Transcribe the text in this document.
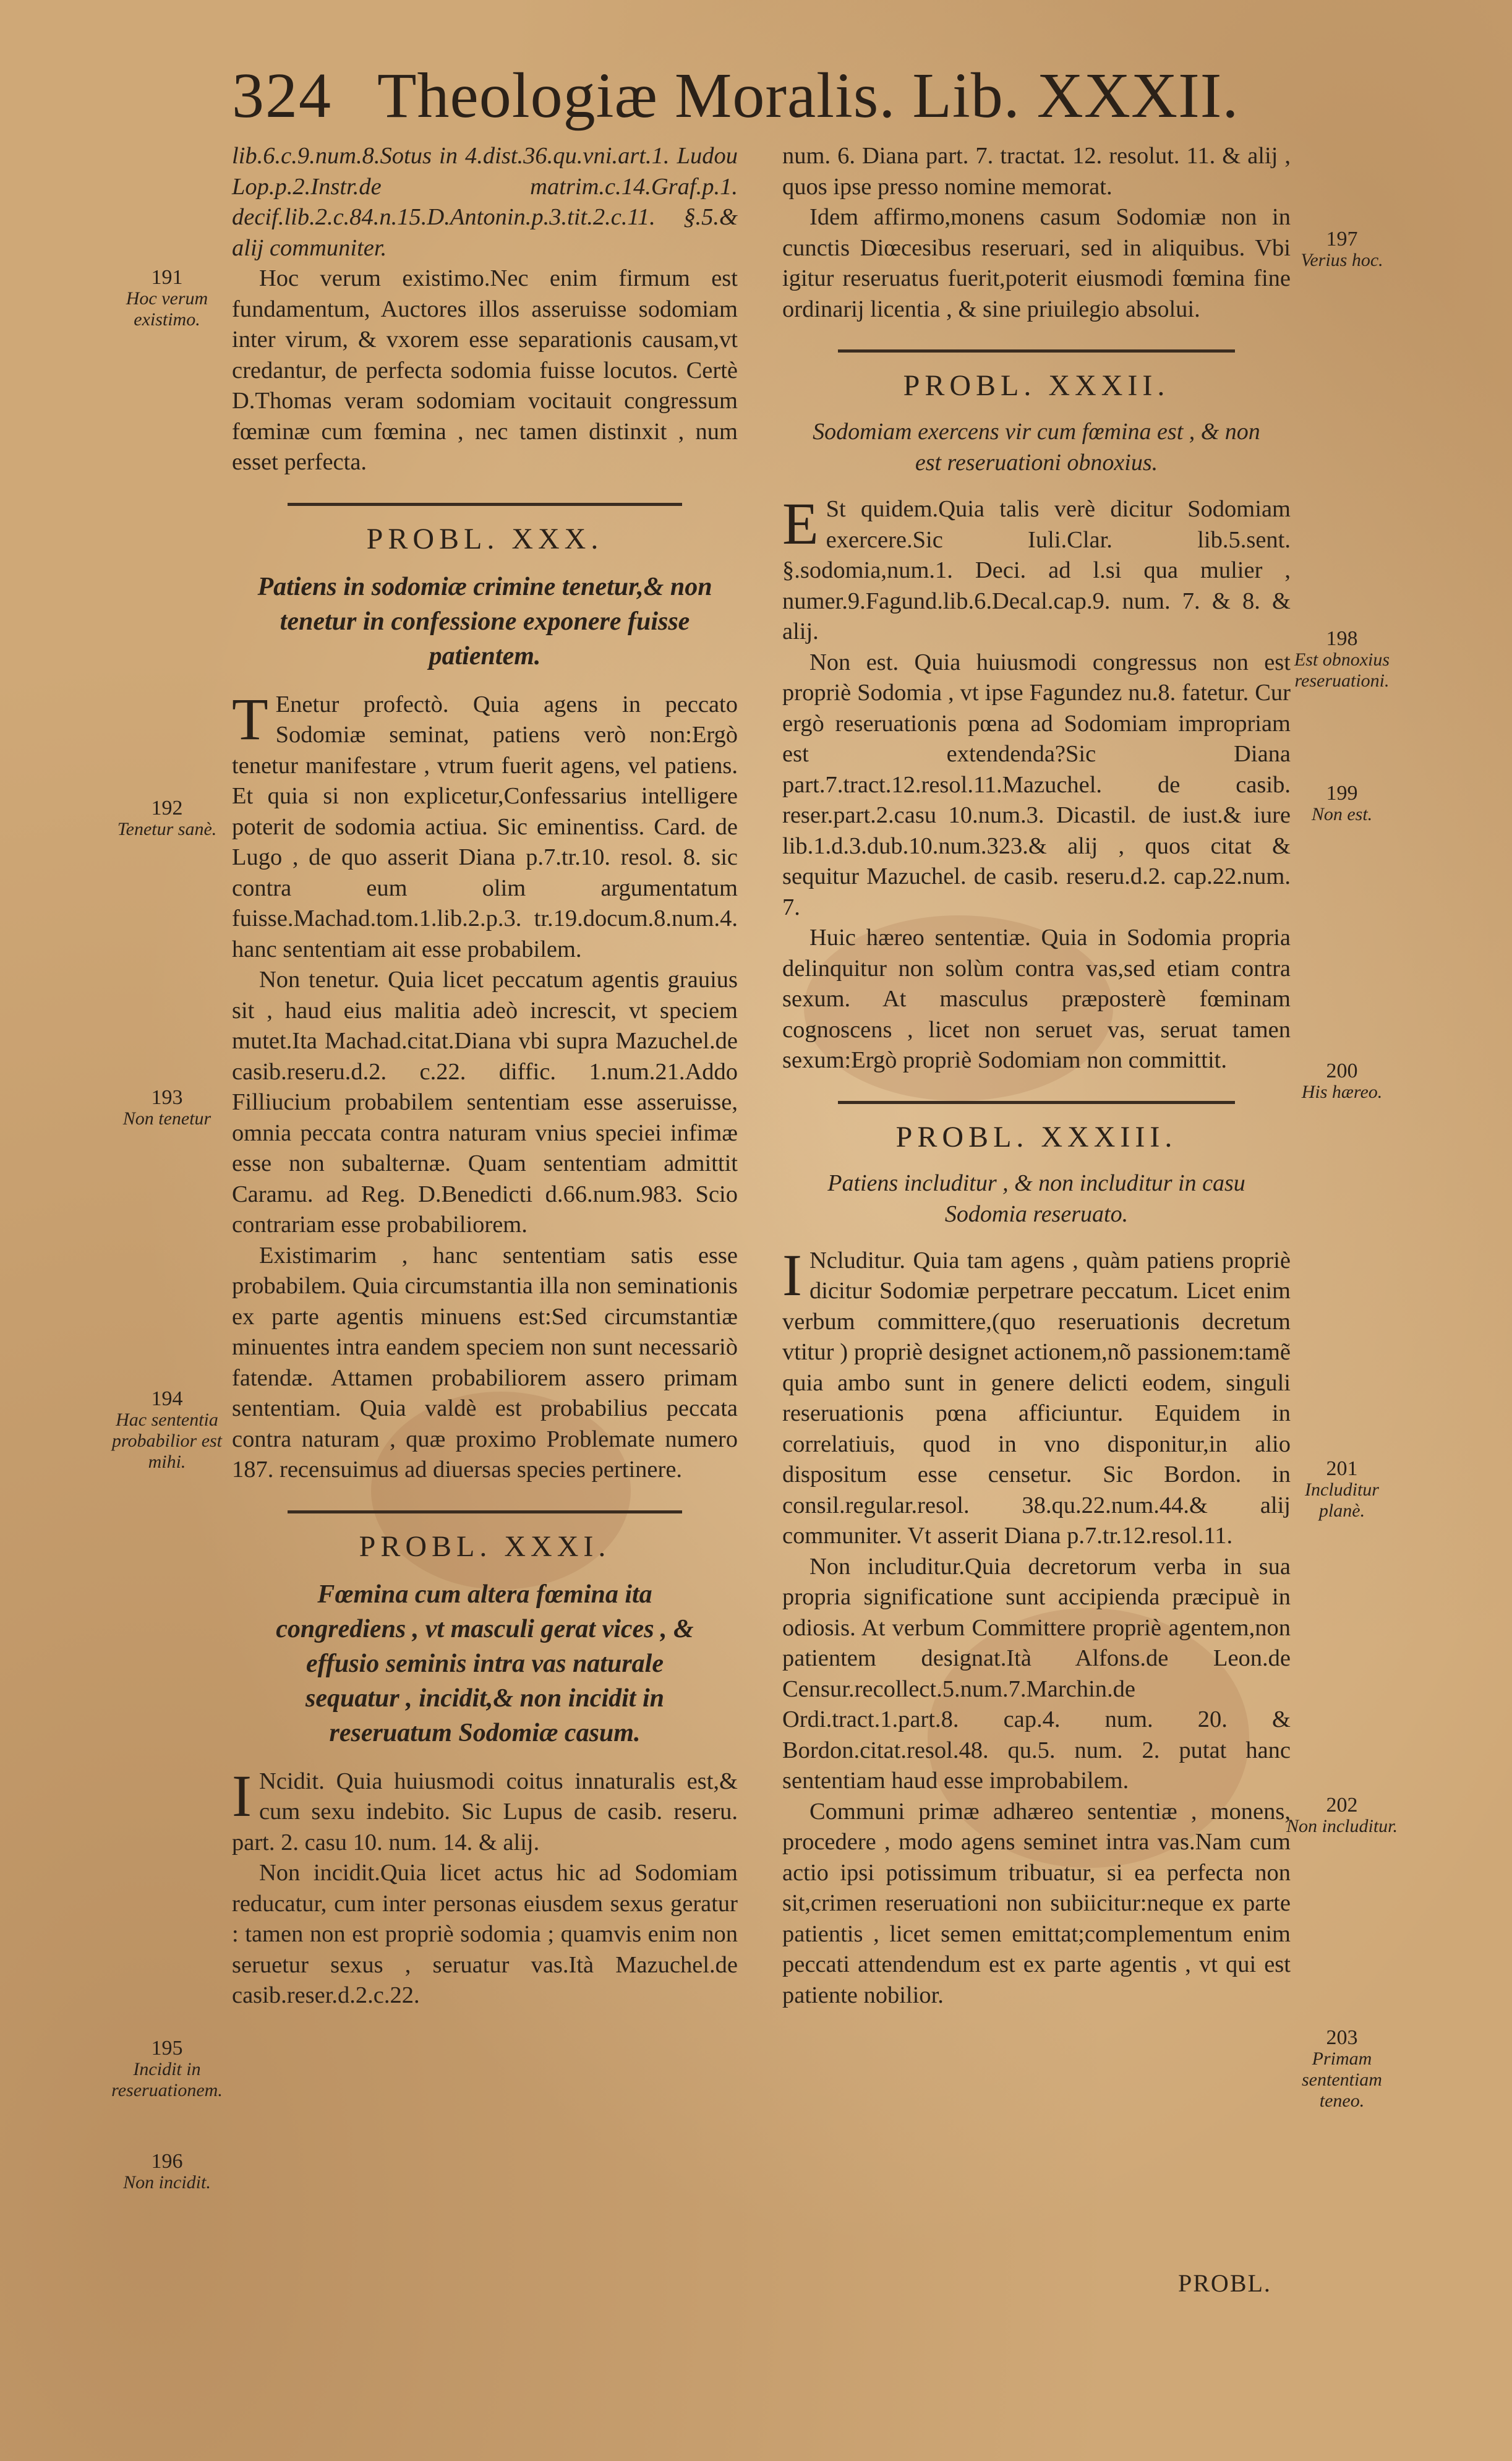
324 Theologiæ Moralis. Lib. XXXII.

lib.6.c.9.num.8.Sotus in 4.dist.36.qu.vni.art.1. Ludou Lop.p.2.Instr.de matrim.c.14.Graf.p.1. decif.lib.2.c.84.n.15.D.Antonin.p.3.tit.2.c.11. §.5.& alij communiter.

Hoc verum existimo.Nec enim firmum est fundamentum, Auctores illos asseruisse sodomiam inter virum, & vxorem esse separationis causam,vt credantur, de perfecta sodomia fuisse locutos. Certè D.Thomas veram sodomiam vocitauit congressum fœminæ cum fœmina , nec tamen distinxit , num esset perfecta.

PROBL. XXX.
Patiens in sodomiæ crimine tenetur,& non tenetur in confessione exponere fuisse patientem.

T Enetur profectò. Quia agens in peccato Sodomiæ seminat, patiens verò non:Ergò tenetur manifestare , vtrum fuerit agens, vel patiens. Et quia si non explicetur,Confessarius intelligere poterit de sodomia actiua. Sic eminentiss. Card. de Lugo , de quo asserit Diana p.7.tr.10. resol. 8. sic contra eum olim argumentatum fuisse.Machad.tom.1.lib.2.p.3. tr.19.docum.8.num.4. hanc sententiam ait esse probabilem.

Non tenetur. Quia licet peccatum agentis grauius sit , haud eius malitia adeò increscit, vt speciem mutet.Ita Machad.citat.Diana vbi supra Mazuchel.de casib.reseru.d.2. c.22. diffic. 1.num.21.Addo Filliucium probabilem sententiam esse asseruisse, omnia peccata contra naturam vnius speciei infimæ esse non subalternæ. Quam sententiam admittit Caramu. ad Reg. D.Benedicti d.66.num.983. Scio contrariam esse probabiliorem.

Existimarim , hanc sententiam satis esse probabilem. Quia circumstantia illa non seminationis ex parte agentis minuens est:Sed circumstantiæ minuentes intra eandem speciem non sunt necessariò fatendæ. Attamen probabiliorem assero primam sententiam. Quia valdè est probabilius peccata contra naturam , quæ proximo Problemate numero 187. recensuimus ad diuersas species pertinere.

PROBL. XXXI.
Fœmina cum altera fœmina ita congrediens , vt masculi gerat vices , & effusio seminis intra vas naturale sequatur , incidit,& non incidit in reseruatum Sodomiæ casum.

I Ncidit. Quia huiusmodi coitus innaturalis est,& cum sexu indebito. Sic Lupus de casib. reseru. part. 2. casu 10. num. 14. & alij.

Non incidit.Quia licet actus hic ad Sodomiam reducatur, cum inter personas eiusdem sexus geratur : tamen non est propriè sodomia ; quamvis enim non seruetur sexus , seruatur vas.Ità Mazuchel.de casib.reser.d.2.c.22.

num. 6. Diana part. 7. tractat. 12. resolut. 11. & alij , quos ipse presso nomine memorat.

Idem affirmo,monens casum Sodomiæ non in cunctis Diœcesibus reseruari, sed in aliquibus. Vbi igitur reseruatus fuerit,poterit eiusmodi fœmina fine ordinarij licentia , & sine priuilegio absolui.

PROBL. XXXII.
Sodomiam exercens vir cum fœmina est , & non est reseruationi obnoxius.

E St quidem.Quia talis verè dicitur Sodomiam exercere.Sic Iuli.Clar. lib.5.sent. §.sodomia,num.1. Deci. ad l.si qua mulier , numer.9.Fagund.lib.6.Decal.cap.9. num. 7. & 8. & alij.

Non est. Quia huiusmodi congressus non est propriè Sodomia , vt ipse Fagundez nu.8. fatetur. Cur ergò reseruationis pœna ad Sodomiam impropriam est extendenda?Sic Diana part.7.tract.12.resol.11.Mazuchel. de casib. reser.part.2.casu 10.num.3. Dicastil. de iust.& iure lib.1.d.3.dub.10.num.323.& alij , quos citat & sequitur Mazuchel. de casib. reseru.d.2. cap.22.num. 7.

Huic hæreo sententiæ. Quia in Sodomia propria delinquitur non solùm contra vas,sed etiam contra sexum. At masculus præposterè fœminam cognoscens , licet non seruet vas, seruat tamen sexum:Ergò propriè Sodomiam non committit.

PROBL. XXXIII.
Patiens includitur , & non includitur in casu Sodomia reseruato.

I Ncluditur. Quia tam agens , quàm patiens propriè dicitur Sodomiæ perpetrare peccatum. Licet enim verbum committere,(quo reseruationis decretum vtitur ) propriè designet actionem,nõ passionem:tamẽ quia ambo sunt in genere delicti eodem, singuli reseruationis pœna afficiuntur. Equidem in correlatiuis, quod in vno disponitur,in alio dispositum esse censetur. Sic Bordon. in consil.regular.resol. 38.qu.22.num.44.& alij communiter. Vt asserit Diana p.7.tr.12.resol.11.

Non includitur.Quia decretorum verba in sua propria significatione sunt accipienda præcipuè in odiosis. At verbum Committere propriè agentem,non patientem designat.Ità Alfons.de Leon.de Censur.recollect.5.num.7.Marchin.de Ordi.tract.1.part.8. cap.4. num. 20. & Bordon.citat.resol.48. qu.5. num. 2. putat hanc sententiam haud esse improbabilem.

Communi primæ adhæreo sententiæ , monens, procedere , modo agens seminet intra vas.Nam cum actio ipsi potissimum tribuatur, si ea perfecta non sit,crimen reseruationi non subiicitur:neque ex parte patientis , licet semen emittat;complementum enim peccati attendendum est ex parte agentis , vt qui est patiente nobilior.

191
Hoc verum existimo.
192
Tenetur sanè.
193
Non tenetur
194
Hac sententia probabilior est mihi.
195
Incidit in reseruationem.
196
Non incidit.
197
Verius hoc.
198
Est obnoxius reseruationi.
199
Non est.
200
His hæreo.
201
Includitur planè.
202
Non includitur.
203
Primam sententiam teneo.
PROBL.
